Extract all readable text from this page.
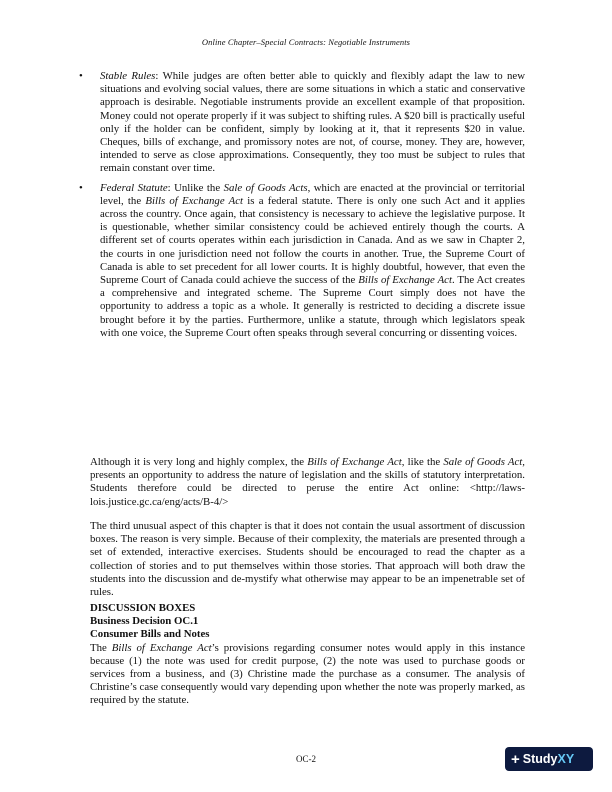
Online Chapter–Special Contracts: Negotiable Instruments
• Stable Rules: While judges are often better able to quickly and flexibly adapt the law to new situations and evolving social values, there are some situations in which a static and conservative approach is desirable. Negotiable instruments provide an excellent example of that proposition. Money could not operate properly if it was subject to shifting rules. A $20 bill is practically useful only if the holder can be confident, simply by looking at it, that it represents $20 in value. Cheques, bills of exchange, and promissory notes are not, of course, money. They are, however, intended to serve as close approximations. Consequently, they too must be subject to rules that remain constant over time.
• Federal Statute: Unlike the Sale of Goods Acts, which are enacted at the provincial or territorial level, the Bills of Exchange Act is a federal statute. There is only one such Act and it applies across the country. Once again, that consistency is necessary to achieve the legislative purpose. It is questionable, whether similar consistency could be achieved entirely though the courts. A different set of courts operates within each jurisdiction in Canada. And as we saw in Chapter 2, the courts in one jurisdiction need not follow the courts in another. True, the Supreme Court of Canada is able to set precedent for all lower courts. It is highly doubtful, however, that even the Supreme Court of Canada could achieve the success of the Bills of Exchange Act. The Act creates a comprehensive and integrated scheme. The Supreme Court simply does not have the opportunity to address a topic as a whole. It generally is restricted to deciding a discrete issue brought before it by the parties. Furthermore, unlike a statute, through which legislators speak with one voice, the Supreme Court often speaks through several concurring or dissenting voices.

Although it is very long and highly complex, the Bills of Exchange Act, like the Sale of Goods Act, presents an opportunity to address the nature of legislation and the skills of statutory interpretation. Students therefore could be directed to peruse the entire Act online: <http://laws-lois.justice.gc.ca/eng/acts/B-4/>

The third unusual aspect of this chapter is that it does not contain the usual assortment of discussion boxes. The reason is very simple. Because of their complexity, the materials are presented through a set of extended, interactive exercises. Students should be encouraged to read the chapter as a collection of stories and to put themselves within those stories. That approach will both draw the students into the discussion and de-mystify what otherwise may appear to be an impenetrable set of rules.

DISCUSSION BOXES
Business Decision OC.1
Consumer Bills and Notes
The Bills of Exchange Act’s provisions regarding consumer notes would apply in this instance because (1) the note was used for credit purpose, (2) the note was used to purchase goods or services from a business, and (3) Christine made the purchase as a consumer. The analysis of Christine’s case consequently would vary depending upon whether the note was properly marked, as required by the statute.
OC-2	+ Study XY
